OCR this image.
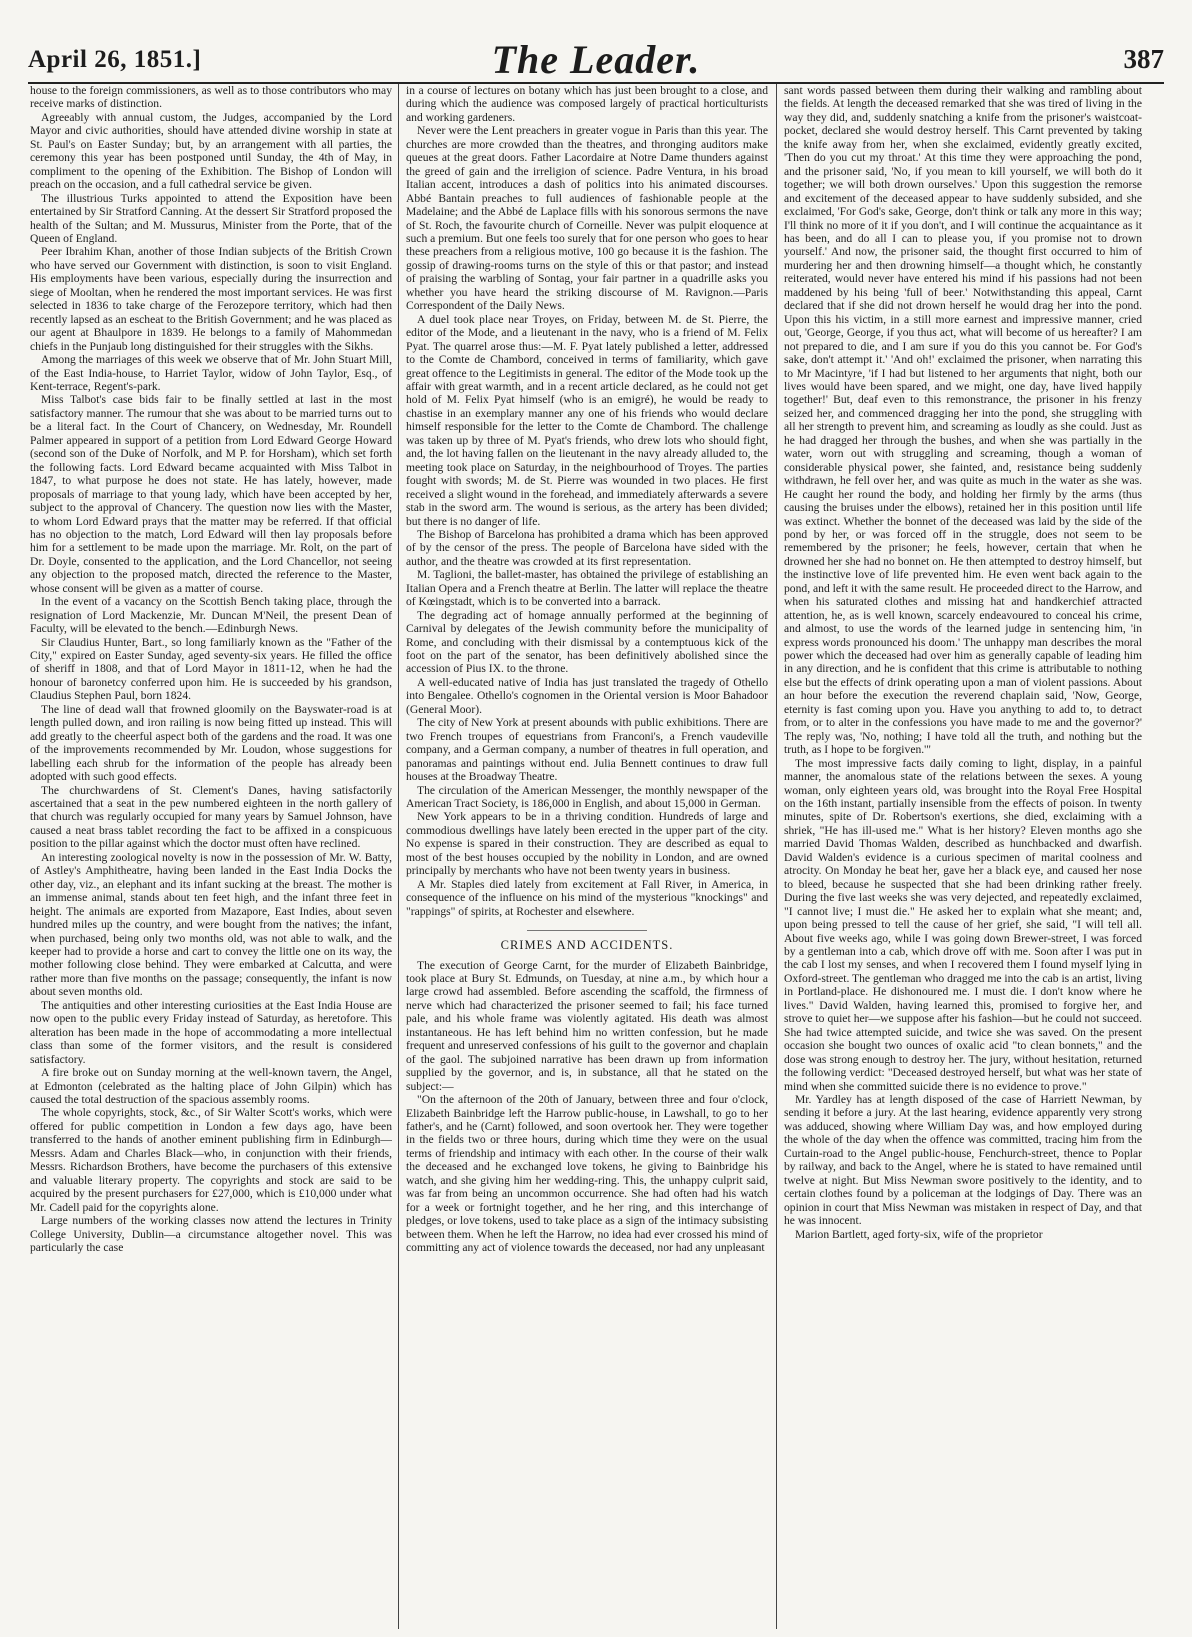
April 26, 1851.]	The Leader.	387

house to the foreign commissioners, as well as to those contributors who may receive marks of distinction.

Agreeably with annual custom, the Judges, accompanied by the Lord Mayor and civic authorities, should have attended divine worship in state at St. Paul's on Easter Sunday; but, by an arrangement with all parties, the ceremony this year has been postponed until Sunday, the 4th of May, in compliment to the opening of the Exhibition. The Bishop of London will preach on the occasion, and a full cathedral service be given.

The illustrious Turks appointed to attend the Exposition have been entertained by Sir Stratford Canning. At the dessert Sir Stratford proposed the health of the Sultan; and M. Mussurus, Minister from the Porte, that of the Queen of England.

Peer Ibrahim Khan, another of those Indian subjects of the British Crown who have served our Government with distinction, is soon to visit England. His employments have been various, especially during the insurrection and siege of Mooltan, when he rendered the most important services. He was first selected in 1836 to take charge of the Ferozepore territory, which had then recently lapsed as an escheat to the British Government; and he was placed as our agent at Bhaulpore in 1839. He belongs to a family of Mahommedan chiefs in the Punjaub long distinguished for their struggles with the Sikhs.

Among the marriages of this week we observe that of Mr. John Stuart Mill, of the East India-house, to Harriet Taylor, widow of John Taylor, Esq., of Kent-terrace, Regent's-park.

Miss Talbot's case bids fair to be finally settled at last in the most satisfactory manner. The rumour that she was about to be married turns out to be a literal fact. In the Court of Chancery, on Wednesday, Mr. Roundell Palmer appeared in support of a petition from Lord Edward George Howard (second son of the Duke of Norfolk, and M P. for Horsham), which set forth the following facts. Lord Edward became acquainted with Miss Talbot in 1847, to what purpose he does not state. He has lately, however, made proposals of marriage to that young lady, which have been accepted by her, subject to the approval of Chancery. The question now lies with the Master, to whom Lord Edward prays that the matter may be referred. If that official has no objection to the match, Lord Edward will then lay proposals before him for a settlement to be made upon the marriage. Mr. Rolt, on the part of Dr. Doyle, consented to the application, and the Lord Chancellor, not seeing any objection to the proposed match, directed the reference to the Master, whose consent will be given as a matter of course.

In the event of a vacancy on the Scottish Bench taking place, through the resignation of Lord Mackenzie, Mr. Duncan M'Neil, the present Dean of Faculty, will be elevated to the bench.—Edinburgh News.

Sir Claudius Hunter, Bart., so long familiarly known as the "Father of the City," expired on Easter Sunday, aged seventy-six years. He filled the office of sheriff in 1808, and that of Lord Mayor in 1811-12, when he had the honour of baronetcy conferred upon him. He is succeeded by his grandson, Claudius Stephen Paul, born 1824.

The line of dead wall that frowned gloomily on the Bayswater-road is at length pulled down, and iron railing is now being fitted up instead. This will add greatly to the cheerful aspect both of the gardens and the road. It was one of the improvements recommended by Mr. Loudon, whose suggestions for labelling each shrub for the information of the people has already been adopted with such good effects.

The churchwardens of St. Clement's Danes, having satisfactorily ascertained that a seat in the pew numbered eighteen in the north gallery of that church was regularly occupied for many years by Samuel Johnson, have caused a neat brass tablet recording the fact to be affixed in a conspicuous position to the pillar against which the doctor must often have reclined.

An interesting zoological novelty is now in the possession of Mr. W. Batty, of Astley's Amphitheatre, having been landed in the East India Docks the other day, viz., an elephant and its infant sucking at the breast. The mother is an immense animal, stands about ten feet high, and the infant three feet in height. The animals are exported from Mazapore, East Indies, about seven hundred miles up the country, and were bought from the natives; the infant, when purchased, being only two months old, was not able to walk, and the keeper had to provide a horse and cart to convey the little one on its way, the mother following close behind. They were embarked at Calcutta, and were rather more than five months on the passage; consequently, the infant is now about seven months old.

The antiquities and other interesting curiosities at the East India House are now open to the public every Friday instead of Saturday, as heretofore. This alteration has been made in the hope of accommodating a more intellectual class than some of the former visitors, and the result is considered satisfactory.

A fire broke out on Sunday morning at the well-known tavern, the Angel, at Edmonton (celebrated as the halting place of John Gilpin) which has caused the total destruction of the spacious assembly rooms.

The whole copyrights, stock, &c., of Sir Walter Scott's works, which were offered for public competition in London a few days ago, have been transferred to the hands of another eminent publishing firm in Edinburgh—Messrs. Adam and Charles Black—who, in conjunction with their friends, Messrs. Richardson Brothers, have become the purchasers of this extensive and valuable literary property. The copyrights and stock are said to be acquired by the present purchasers for £27,000, which is £10,000 under what Mr. Cadell paid for the copyrights alone.

Large numbers of the working classes now attend the lectures in Trinity College University, Dublin—a circumstance altogether novel. This was particularly the case

in a course of lectures on botany which has just been brought to a close, and during which the audience was composed largely of practical horticulturists and working gardeners.

Never were the Lent preachers in greater vogue in Paris than this year. The churches are more crowded than the theatres, and thronging auditors make queues at the great doors. Father Lacordaire at Notre Dame thunders against the greed of gain and the irreligion of science. Padre Ventura, in his broad Italian accent, introduces a dash of politics into his animated discourses. Abbé Bantain preaches to full audiences of fashionable people at the Madelaine; and the Abbé de Laplace fills with his sonorous sermons the nave of St. Roch, the favourite church of Corneille. Never was pulpit eloquence at such a premium. But one feels too surely that for one person who goes to hear these preachers from a religious motive, 100 go because it is the fashion. The gossip of drawing-rooms turns on the style of this or that pastor; and instead of praising the warbling of Sontag, your fair partner in a quadrille asks you whether you have heard the striking discourse of M. Ravignon.—Paris Correspondent of the Daily News.

A duel took place near Troyes, on Friday, between M. de St. Pierre, the editor of the Mode, and a lieutenant in the navy, who is a friend of M. Felix Pyat. The quarrel arose thus:—M. F. Pyat lately published a letter, addressed to the Comte de Chambord, conceived in terms of familiarity, which gave great offence to the Legitimists in general. The editor of the Mode took up the affair with great warmth, and in a recent article declared, as he could not get hold of M. Felix Pyat himself (who is an emigré), he would be ready to chastise in an exemplary manner any one of his friends who would declare himself responsible for the letter to the Comte de Chambord. The challenge was taken up by three of M. Pyat's friends, who drew lots who should fight, and, the lot having fallen on the lieutenant in the navy already alluded to, the meeting took place on Saturday, in the neighbourhood of Troyes. The parties fought with swords; M. de St. Pierre was wounded in two places. He first received a slight wound in the forehead, and immediately afterwards a severe stab in the sword arm. The wound is serious, as the artery has been divided; but there is no danger of life.

The Bishop of Barcelona has prohibited a drama which has been approved of by the censor of the press. The people of Barcelona have sided with the author, and the theatre was crowded at its first representation.

M. Taglioni, the ballet-master, has obtained the privilege of establishing an Italian Opera and a French theatre at Berlin. The latter will replace the theatre of Kœingstadt, which is to be converted into a barrack.

The degrading act of homage annually performed at the beginning of Carnival by delegates of the Jewish community before the municipality of Rome, and concluding with their dismissal by a contemptuous kick of the foot on the part of the senator, has been definitively abolished since the accession of Pius IX. to the throne.

A well-educated native of India has just translated the tragedy of Othello into Bengalee. Othello's cognomen in the Oriental version is Moor Bahadoor (General Moor).

The city of New York at present abounds with public exhibitions. There are two French troupes of equestrians from Franconi's, a French vaudeville company, and a German company, a number of theatres in full operation, and panoramas and paintings without end. Julia Bennett continues to draw full houses at the Broadway Theatre.

The circulation of the American Messenger, the monthly newspaper of the American Tract Society, is 186,000 in English, and about 15,000 in German.

New York appears to be in a thriving condition. Hundreds of large and commodious dwellings have lately been erected in the upper part of the city. No expense is spared in their construction. They are described as equal to most of the best houses occupied by the nobility in London, and are owned principally by merchants who have not been twenty years in business.

A Mr. Staples died lately from excitement at Fall River, in America, in consequence of the influence on his mind of the mysterious "knockings" and "rappings" of spirits, at Rochester and elsewhere.

CRIMES AND ACCIDENTS.

The execution of George Carnt, for the murder of Elizabeth Bainbridge, took place at Bury St. Edmunds, on Tuesday, at nine a.m., by which hour a large crowd had assembled. Before ascending the scaffold, the firmness of nerve which had characterized the prisoner seemed to fail; his face turned pale, and his whole frame was violently agitated. His death was almost instantaneous. He has left behind him no written confession, but he made frequent and unreserved confessions of his guilt to the governor and chaplain of the gaol. The subjoined narrative has been drawn up from information supplied by the governor, and is, in substance, all that he stated on the subject:—

"On the afternoon of the 20th of January, between three and four o'clock, Elizabeth Bainbridge left the Harrow public-house, in Lawshall, to go to her father's, and he (Carnt) followed, and soon overtook her. They were together in the fields two or three hours, during which time they were on the usual terms of friendship and intimacy with each other. In the course of their walk the deceased and he exchanged love tokens, he giving to Bainbridge his watch, and she giving him her wedding-ring. This, the unhappy culprit said, was far from being an uncommon occurrence. She had often had his watch for a week or fortnight together, and he her ring, and this interchange of pledges, or love tokens, used to take place as a sign of the intimacy subsisting between them. When he left the Harrow, no idea had ever crossed his mind of committing any act of violence towards the deceased, nor had any unpleasant

sant words passed between them during their walking and rambling about the fields. At length the deceased remarked that she was tired of living in the way they did, and, suddenly snatching a knife from the prisoner's waistcoat-pocket, declared she would destroy herself. This Carnt prevented by taking the knife away from her, when she exclaimed, evidently greatly excited, 'Then do you cut my throat.' At this time they were approaching the pond, and the prisoner said, 'No, if you mean to kill yourself, we will both do it together; we will both drown ourselves.' Upon this suggestion the remorse and excitement of the deceased appear to have suddenly subsided, and she exclaimed, 'For God's sake, George, don't think or talk any more in this way; I'll think no more of it if you don't, and I will continue the acquaintance as it has been, and do all I can to please you, if you promise not to drown yourself.' And now, the prisoner said, the thought first occurred to him of murdering her and then drowning himself—a thought which, he constantly reiterated, would never have entered his mind if his passions had not been maddened by his being 'full of beer.' Notwithstanding this appeal, Carnt declared that if she did not drown herself he would drag her into the pond. Upon this his victim, in a still more earnest and impressive manner, cried out, 'George, George, if you thus act, what will become of us hereafter? I am not prepared to die, and I am sure if you do this you cannot be. For God's sake, don't attempt it.' 'And oh!' exclaimed the prisoner, when narrating this to Mr Macintyre, 'if I had but listened to her arguments that night, both our lives would have been spared, and we might, one day, have lived happily together!' But, deaf even to this remonstrance, the prisoner in his frenzy seized her, and commenced dragging her into the pond, she struggling with all her strength to prevent him, and screaming as loudly as she could. Just as he had dragged her through the bushes, and when she was partially in the water, worn out with struggling and screaming, though a woman of considerable physical power, she fainted, and, resistance being suddenly withdrawn, he fell over her, and was quite as much in the water as she was. He caught her round the body, and holding her firmly by the arms (thus causing the bruises under the elbows), retained her in this position until life was extinct. Whether the bonnet of the deceased was laid by the side of the pond by her, or was forced off in the struggle, does not seem to be remembered by the prisoner; he feels, however, certain that when he drowned her she had no bonnet on. He then attempted to destroy himself, but the instinctive love of life prevented him. He even went back again to the pond, and left it with the same result. He proceeded direct to the Harrow, and when his saturated clothes and missing hat and handkerchief attracted attention, he, as is well known, scarcely endeavoured to conceal his crime, and almost, to use the words of the learned judge in sentencing him, 'in express words pronounced his doom.' The unhappy man describes the moral power which the deceased had over him as generally capable of leading him in any direction, and he is confident that this crime is attributable to nothing else but the effects of drink operating upon a man of violent passions. About an hour before the execution the reverend chaplain said, 'Now, George, eternity is fast coming upon you. Have you anything to add to, to detract from, or to alter in the confessions you have made to me and the governor?' The reply was, 'No, nothing; I have told all the truth, and nothing but the truth, as I hope to be forgiven.'"

The most impressive facts daily coming to light, display, in a painful manner, the anomalous state of the relations between the sexes. A young woman, only eighteen years old, was brought into the Royal Free Hospital on the 16th instant, partially insensible from the effects of poison. In twenty minutes, spite of Dr. Robertson's exertions, she died, exclaiming with a shriek, "He has ill-used me." What is her history? Eleven months ago she married David Thomas Walden, described as hunchbacked and dwarfish. David Walden's evidence is a curious specimen of marital coolness and atrocity. On Monday he beat her, gave her a black eye, and caused her nose to bleed, because he suspected that she had been drinking rather freely. During the five last weeks she was very dejected, and repeatedly exclaimed, "I cannot live; I must die." He asked her to explain what she meant; and, upon being pressed to tell the cause of her grief, she said, "I will tell all. About five weeks ago, while I was going down Brewer-street, I was forced by a gentleman into a cab, which drove off with me. Soon after I was put in the cab I lost my senses, and when I recovered them I found myself lying in Oxford-street. The gentleman who dragged me into the cab is an artist, living in Portland-place. He dishonoured me. I must die. I don't know where he lives." David Walden, having learned this, promised to forgive her, and strove to quiet her—we suppose after his fashion—but he could not succeed. She had twice attempted suicide, and twice she was saved. On the present occasion she bought two ounces of oxalic acid "to clean bonnets," and the dose was strong enough to destroy her. The jury, without hesitation, returned the following verdict: "Deceased destroyed herself, but what was her state of mind when she committed suicide there is no evidence to prove."

Mr. Yardley has at length disposed of the case of Harriett Newman, by sending it before a jury. At the last hearing, evidence apparently very strong was adduced, showing where William Day was, and how employed during the whole of the day when the offence was committed, tracing him from the Curtain-road to the Angel public-house, Fenchurch-street, thence to Poplar by railway, and back to the Angel, where he is stated to have remained until twelve at night. But Miss Newman swore positively to the identity, and to certain clothes found by a policeman at the lodgings of Day. There was an opinion in court that Miss Newman was mistaken in respect of Day, and that he was innocent.

Marion Bartlett, aged forty-six, wife of the proprietor
